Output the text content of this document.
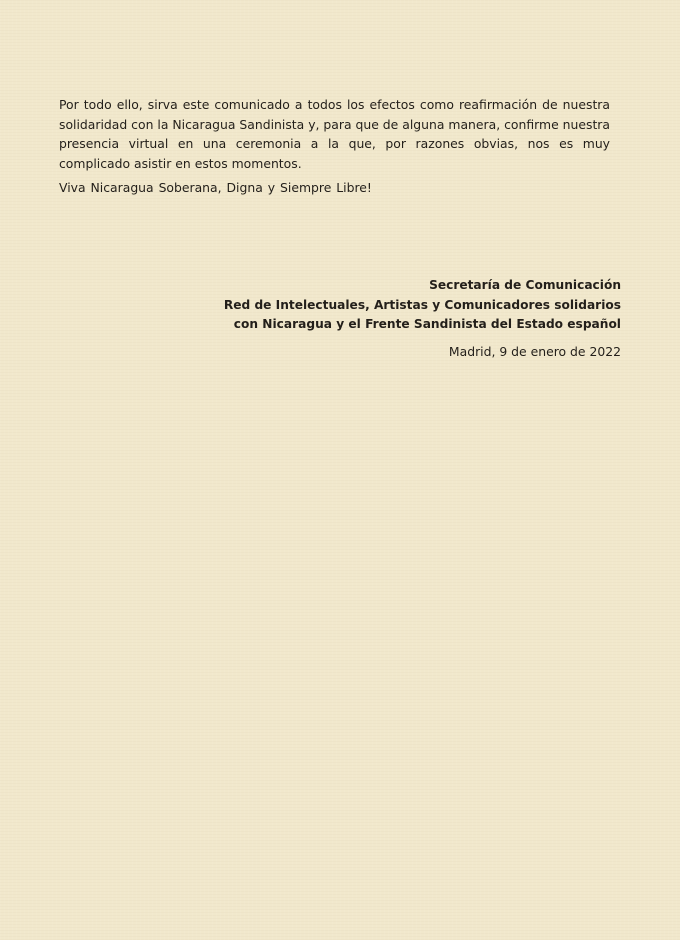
Por todo ello, sirva este comunicado a todos los efectos como reafirmación de nuestra solidaridad con la Nicaragua Sandinista y, para que de alguna manera, confirme nuestra presencia virtual en una ceremonia a la que, por razones obvias, nos es muy complicado asistir en estos momentos.

Viva Nicaragua Soberana, Digna y Siempre Libre!

Secretaría de Comunicación
Red de Intelectuales, Artistas y Comunicadores solidarios
con Nicaragua y el Frente Sandinista del Estado español
Madrid, 9 de enero de 2022
